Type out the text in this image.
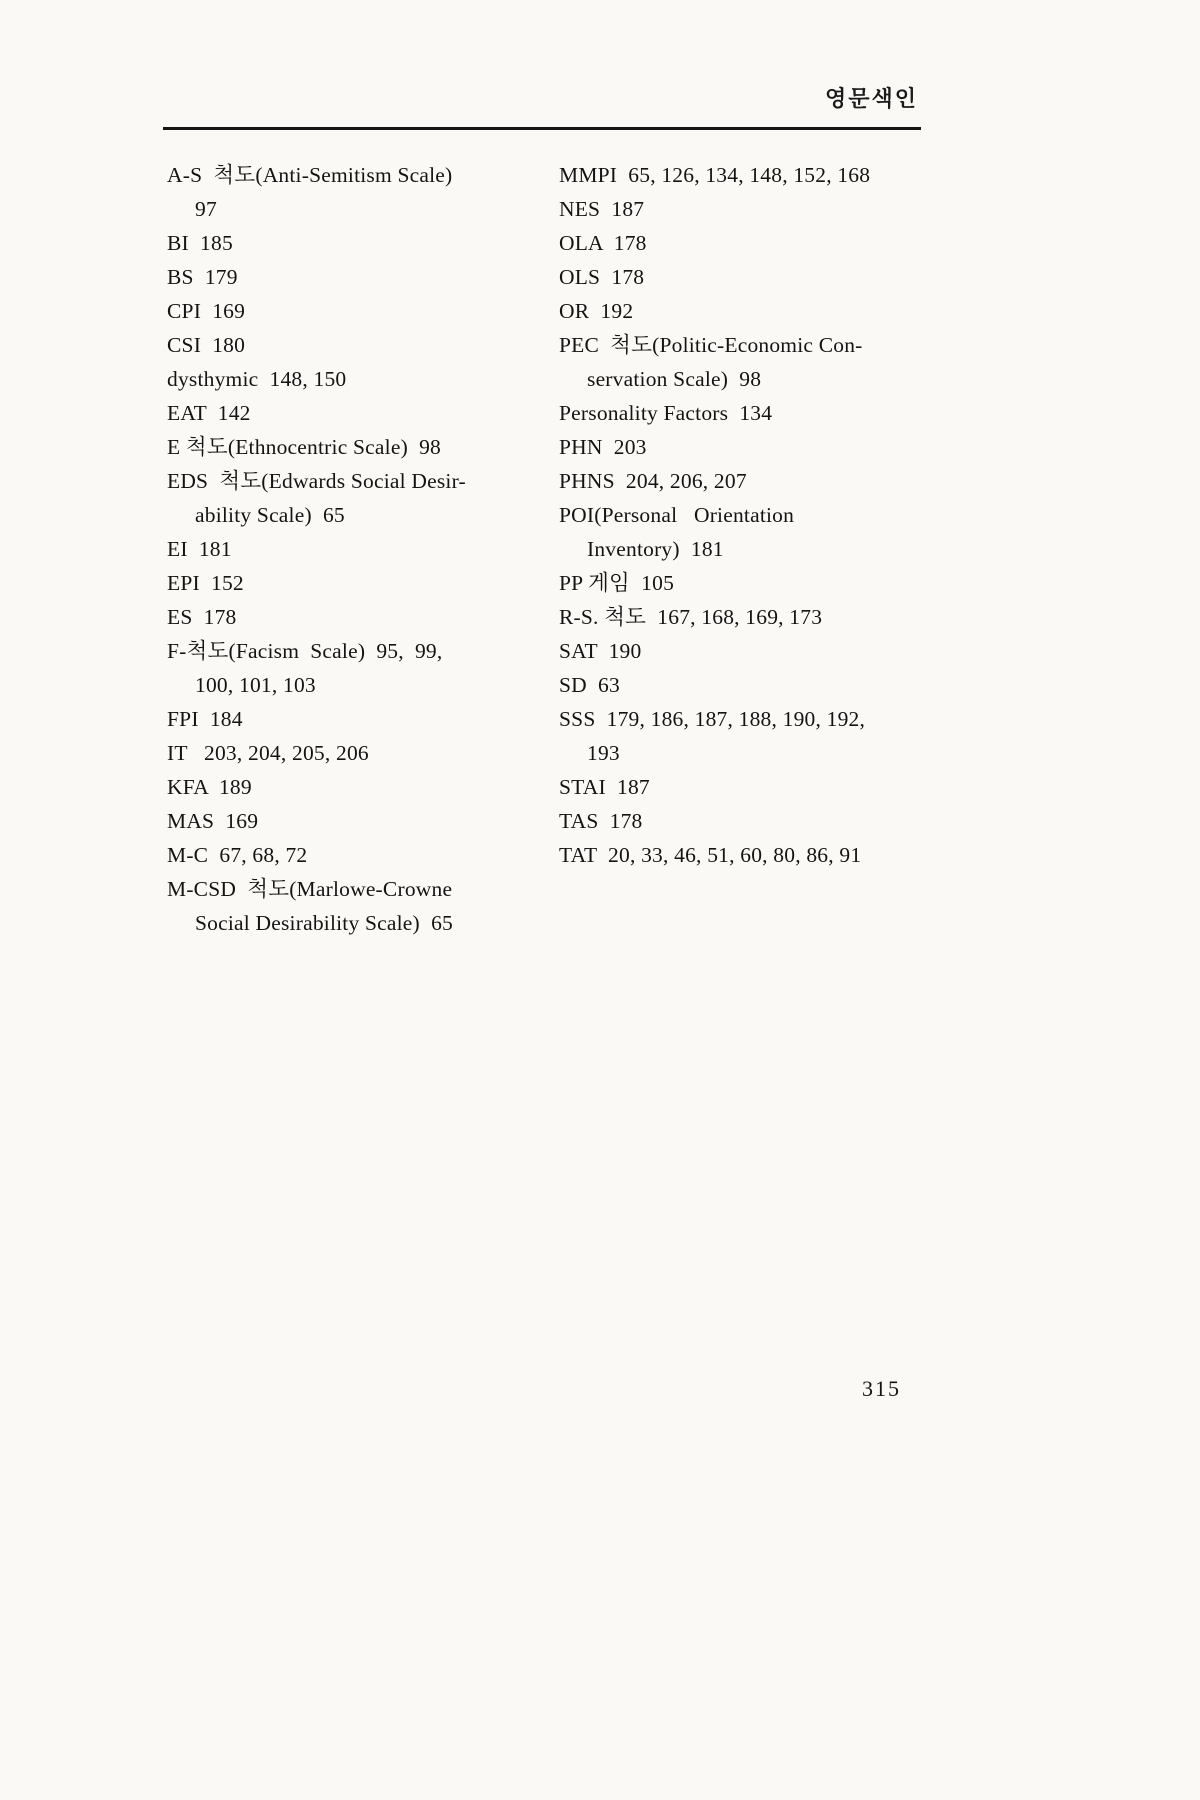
영문색인
A-S  척도(Anti-Semitism Scale)
97
BI  185
BS  179
CPI  169
CSI  180
dysthymic  148, 150
EAT  142
E 척도(Ethnocentric Scale)  98
EDS  척도(Edwards Social Desir-
ability Scale)  65
EI  181
EPI  152
ES  178
F-척도(Facism  Scale)  95,  99,
100, 101, 103
FPI  184
IT   203, 204, 205, 206
KFA  189
MAS  169
M-C  67, 68, 72
M-CSD  척도(Marlowe-Crowne
Social Desirability Scale)  65
MMPI  65, 126, 134, 148, 152, 168
NES  187
OLA  178
OLS  178
OR  192
PEC  척도(Politic-Economic Con-
servation Scale)  98
Personality Factors  134
PHN  203
PHNS  204, 206, 207
POI(Personal   Orientation
Inventory)  181
PP 게임  105
R-S. 척도  167, 168, 169, 173
SAT  190
SD  63
SSS  179, 186, 187, 188, 190, 192,
193
STAI  187
TAS  178
TAT  20, 33, 46, 51, 60, 80, 86, 91
315
